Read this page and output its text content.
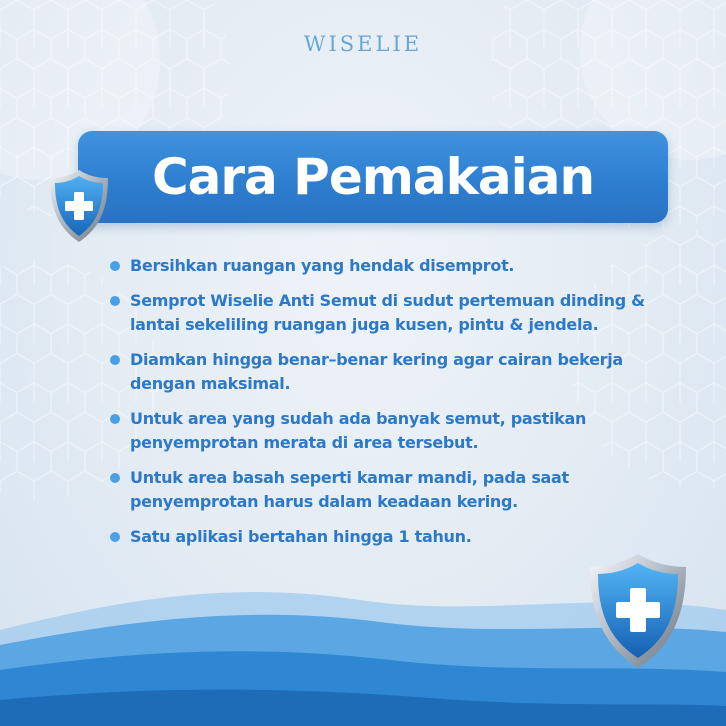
WISELIE
Cara Pemakaian
Bersihkan ruangan yang hendak disemprot.
Semprot Wiselie Anti Semut di sudut pertemuan dinding & lantai sekeliling ruangan juga kusen, pintu & jendela.
Diamkan hingga benar–benar kering agar cairan bekerja dengan maksimal.
Untuk area yang sudah ada banyak semut, pastikan penyemprotan merata di area tersebut.
Untuk area basah seperti kamar mandi, pada saat penyemprotan harus dalam keadaan kering.
Satu aplikasi bertahan hingga 1 tahun.
